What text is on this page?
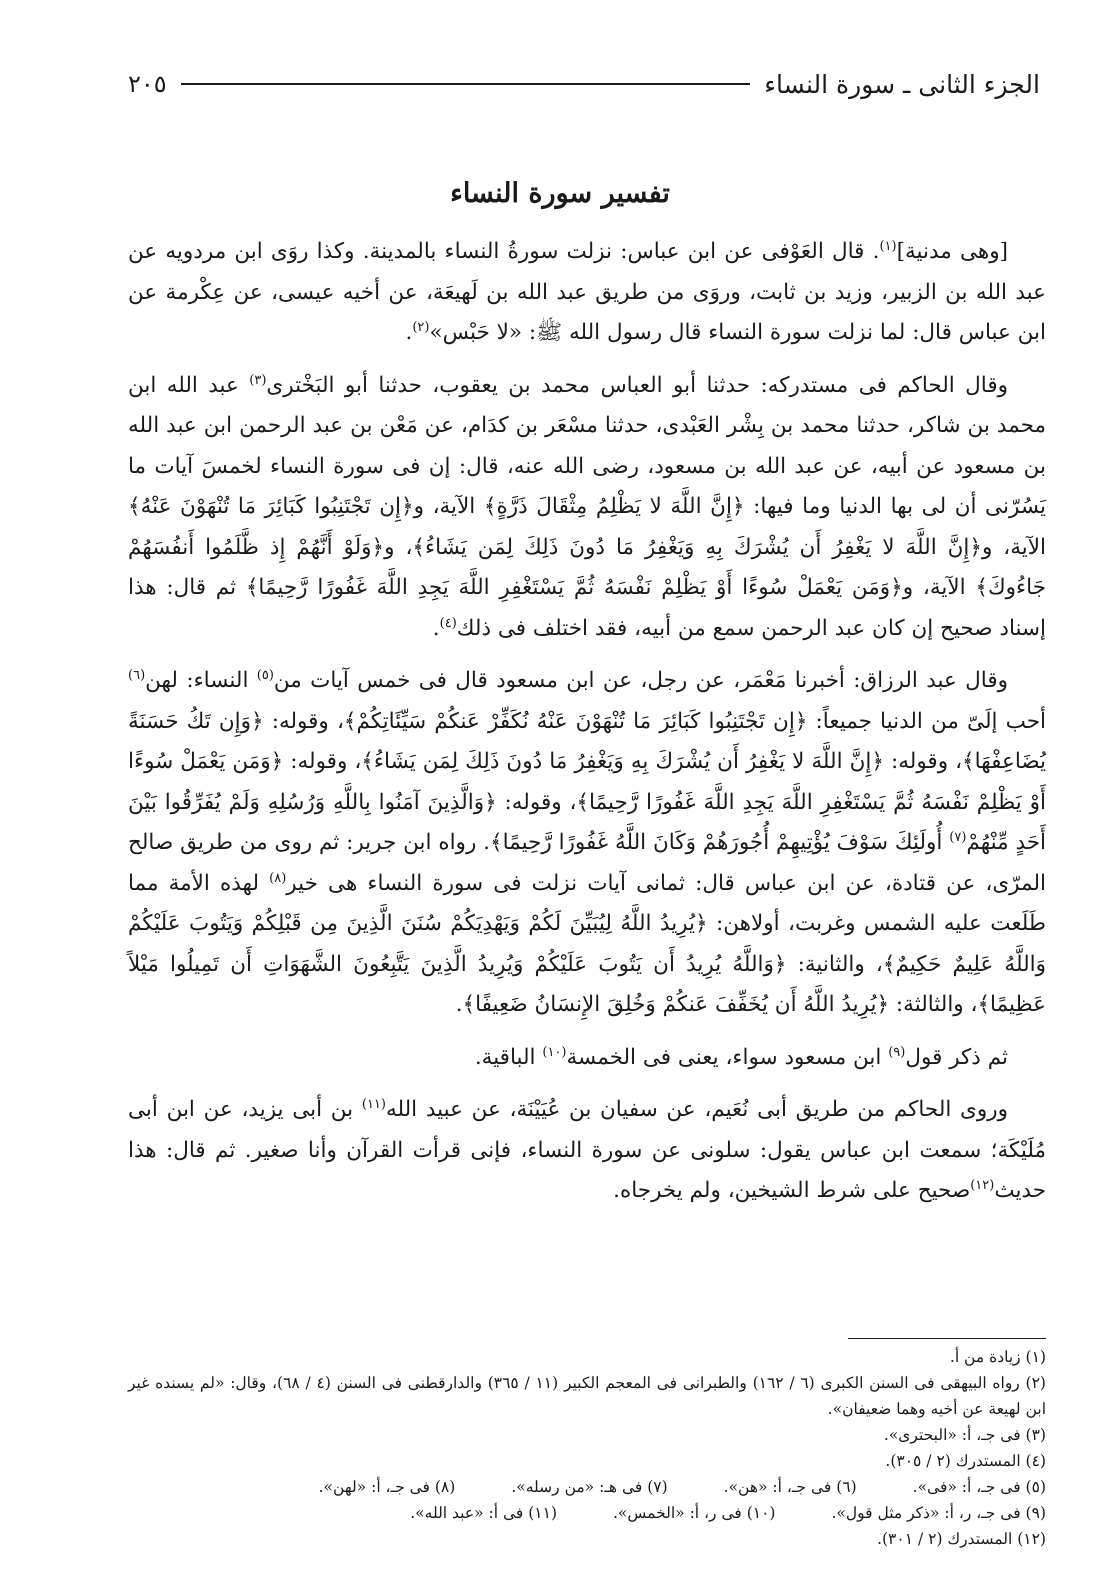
الجزء الثانى ـ سورة النساء
٢٠٥
تفسير سورة النساء

[وهى مدنية]$^{(١)}$. قال العَوْفى عن ابن عباس: نزلت سورةُ النساء بالمدينة. وكذا روَى ابن مردويه عن عبد الله بن الزبير، وزيد بن ثابت، وروَى من طريق عبد الله بن لَهيعَة، عن أخيه عيسى، عن عِكْرمة عن ابن عباس قال: لما نزلت سورة النساء قال رسول الله ﷺ: «لا حَبْس»$^{(٢)}$.

وقال الحاكم فى مستدركه: حدثنا أبو العباس محمد بن يعقوب، حدثنا أبو البَخْترى$^{(٣)}$ عبد الله ابن محمد بن شاكر، حدثنا محمد بن بِشْر العَبْدى، حدثنا مسْعَر بن كدَام، عن مَعْن بن عبد الرحمن ابن عبد الله بن مسعود عن أبيه، عن عبد الله بن مسعود، رضى الله عنه، قال: إن فى سورة النساء لخمسَ آيات ما يَسُرّنى أن لى بها الدنيا وما فيها: ﴿إِنَّ اللَّهَ لا يَظْلِمُ مِثْقَالَ ذَرَّةٍ﴾ الآية، و﴿إِن تَجْتَنِبُوا كَبَائِرَ مَا تُنْهَوْنَ عَنْهُ﴾ الآية، و﴿إِنَّ اللَّهَ لا يَغْفِرُ أَن يُشْرَكَ بِهِ وَيَغْفِرُ مَا دُونَ ذَلِكَ لِمَن يَشَاءُ﴾، و﴿وَلَوْ أَنَّهُمْ إِذ ظَّلَمُوا أَنفُسَهُمْ جَاءُوكَ﴾ الآية، و﴿وَمَن يَعْمَلْ سُوءًا أَوْ يَظْلِمْ نَفْسَهُ ثُمَّ يَسْتَغْفِرِ اللَّهَ يَجِدِ اللَّهَ غَفُورًا رَّحِيمًا﴾ ثم قال: هذا إسناد صحيح إن كان عبد الرحمن سمع من أبيه، فقد اختلف فى ذلك$^{(٤)}$.

وقال عبد الرزاق: أخبرنا مَعْمَر، عن رجل، عن ابن مسعود قال فى خمس آيات من$^{(٥)}$ النساء: لهن$^{(٦)}$ أحب إلَىّ من الدنيا جميعاً: ﴿إِن تَجْتَنِبُوا كَبَائِرَ مَا تُنْهَوْنَ عَنْهُ نُكَفِّرْ عَنكُمْ سَيِّئَاتِكُمْ﴾، وقوله: ﴿وَإِن تَكُ حَسَنَةً يُضَاعِفْهَا﴾، وقوله: ﴿إِنَّ اللَّهَ لا يَغْفِرُ أَن يُشْرَكَ بِهِ وَيَغْفِرُ مَا دُونَ ذَلِكَ لِمَن يَشَاءُ﴾، وقوله: ﴿وَمَن يَعْمَلْ سُوءًا أَوْ يَظْلِمْ نَفْسَهُ ثُمَّ يَسْتَغْفِرِ اللَّهَ يَجِدِ اللَّهَ غَفُورًا رَّحِيمًا﴾، وقوله: ﴿وَالَّذِينَ آمَنُوا بِاللَّهِ وَرُسُلِهِ وَلَمْ يُفَرِّقُوا بَيْنَ أَحَدٍ مِّنْهُمْ$^{(٧)}$ أُولَئِكَ سَوْفَ يُؤْتِيهِمْ أُجُورَهُمْ وَكَانَ اللَّهُ غَفُورًا رَّحِيمًا﴾. رواه ابن جرير: ثم روى من طريق صالح المرّى، عن قتادة، عن ابن عباس قال: ثمانى آيات نزلت فى سورة النساء هى خير$^{(٨)}$ لهذه الأمة مما طَلَعت عليه الشمس وغربت، أولاهن: ﴿يُرِيدُ اللَّهُ لِيُبَيِّنَ لَكُمْ وَيَهْدِيَكُمْ سُنَنَ الَّذِينَ مِن قَبْلِكُمْ وَيَتُوبَ عَلَيْكُمْ وَاللَّهُ عَلِيمٌ حَكِيمٌ﴾، والثانية: ﴿وَاللَّهُ يُرِيدُ أَن يَتُوبَ عَلَيْكُمْ وَيُرِيدُ الَّذِينَ يَتَّبِعُونَ الشَّهَوَاتِ أَن تَمِيلُوا مَيْلاً عَظِيمًا﴾، والثالثة: ﴿يُرِيدُ اللَّهُ أَن يُخَفِّفَ عَنكُمْ وَخُلِقَ الإِنسَانُ ضَعِيفًا﴾.

ثم ذكر قول$^{(٩)}$ ابن مسعود سواء، يعنى فى الخمسة$^{(١٠)}$ الباقية.

وروى الحاكم من طريق أبى نُعَيم، عن سفيان بن عُيَيْنَة، عن عبيد الله$^{(١١)}$ بن أبى يزيد، عن ابن أبى مُلَيْكَة؛ سمعت ابن عباس يقول: سلونى عن سورة النساء، فإنى قرأت القرآن وأنا صغير. ثم قال: هذا حديث$^{(١٢)}$صحيح على شرط الشيخين، ولم يخرجاه.

(١) زيادة من أ.
(٢) رواه البيهقى فى السنن الكبرى (٦ / ١٦٢) والطبرانى فى المعجم الكبير (١١ / ٣٦٥) والدارقطنى فى السنن (٤ / ٦٨)، وقال: «لم يسنده غير ابن لهيعة عن أخيه وهما ضعيفان».
(٣) فى جـ، أ: «البحترى».
(٤) المستدرك (٢ / ٣٠٥).
(٥) فى جـ، أ: «فى».
(٦) فى جـ، أ: «هن».
(٧) فى هـ: «من رسله».
(٨) فى جـ، أ: «لهن».
(٩) فى جـ، ر، أ: «ذكر مثل قول».
(١٠) فى ر، أ: «الخمس».
(١١) فى أ: «عبد الله».
(١٢) المستدرك (٢ / ٣٠١).
